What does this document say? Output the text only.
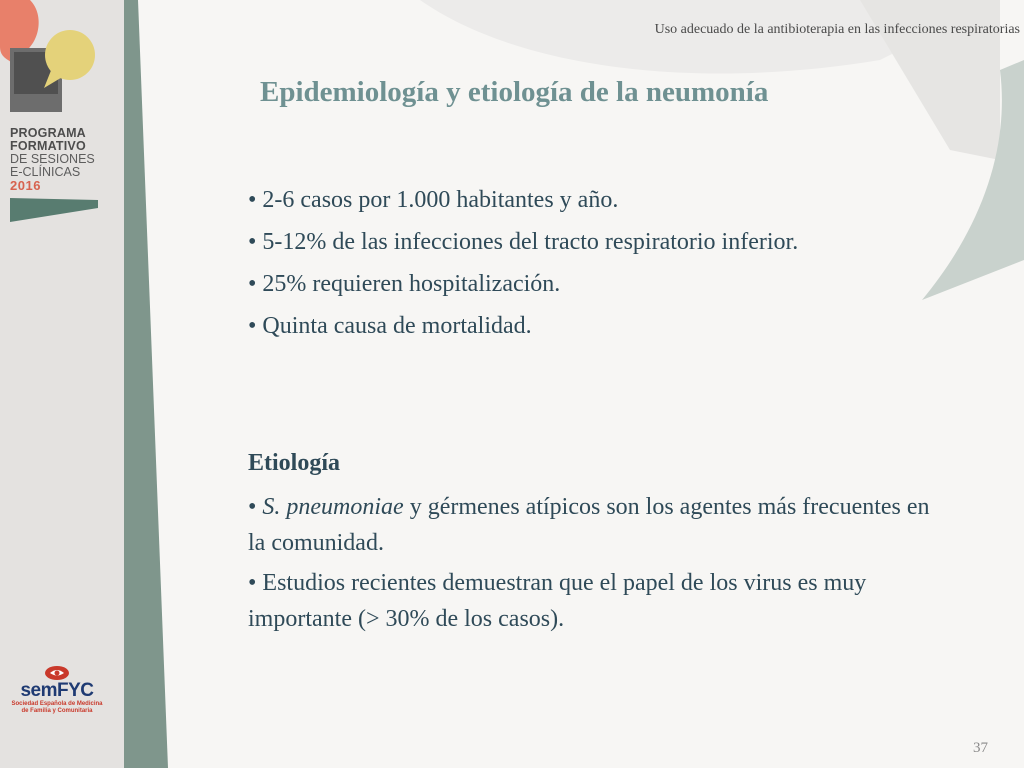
PROGRAMA
FORMATIVO
DE SESIONES
E-CLÍNICAS
2016
semFYC
Sociedad Española de Medicina
de Familia y Comunitaria
Uso adecuado de la antibioterapia en las infecciones respiratorias
Epidemiología y etiología de la neumonía
• 2-6 casos por 1.000 habitantes y año.
• 5-12% de las infecciones del tracto respiratorio inferior.
• 25% requieren hospitalización.
• Quinta causa de mortalidad.
Etiología
• S. pneumoniae y gérmenes atípicos son los agentes más frecuentes en la comunidad.
• Estudios recientes demuestran que el papel de los virus es muy importante (> 30% de los casos).
37
